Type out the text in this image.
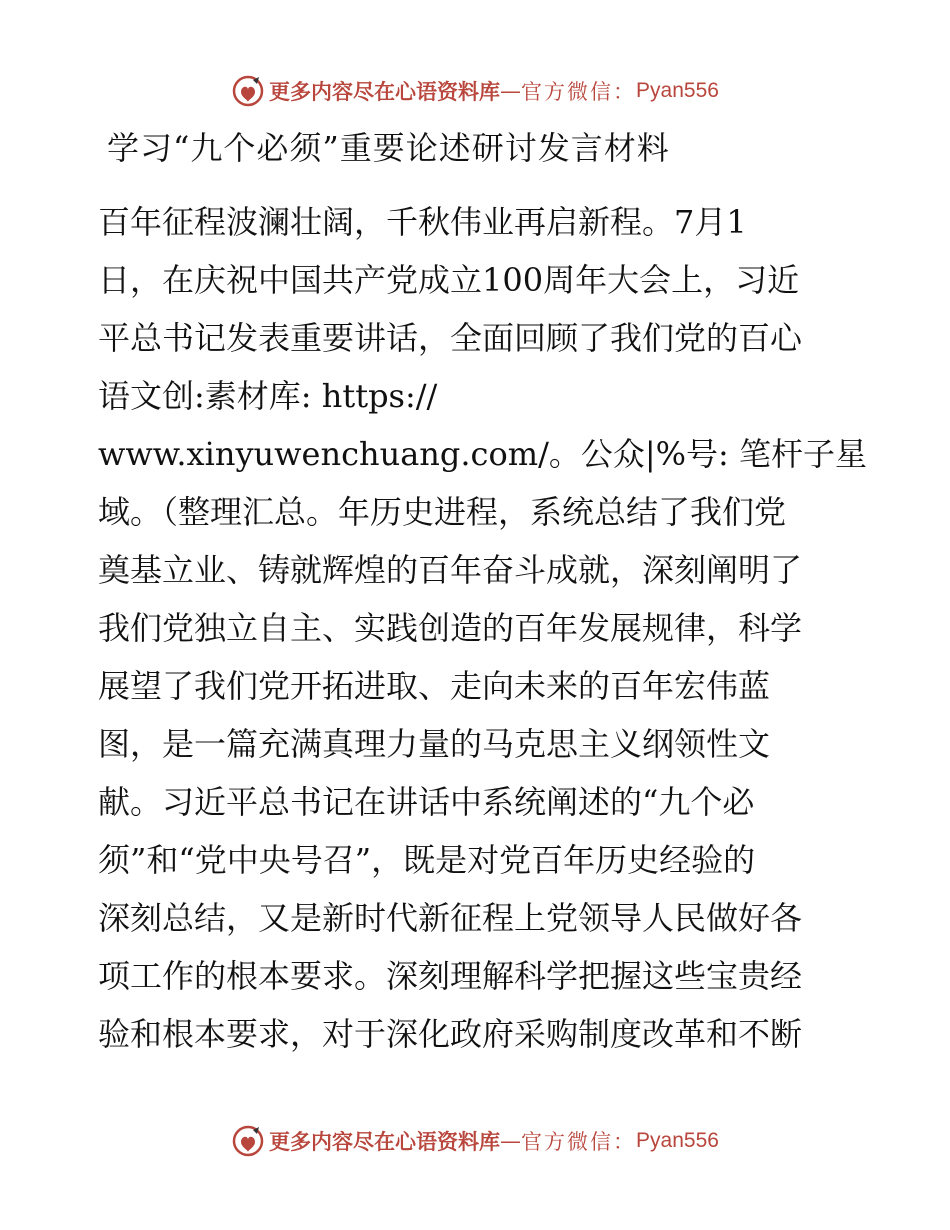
更多内容尽在心语资料库 — 官方微信： Pyan556
学习“九个必须”重要论述研讨发言材料
百年征程波澜壮阔，千秋伟业再启新程。7月1
日，在庆祝中国共产党成立100周年大会上，习近
平总书记发表重要讲话，全面回顾了我们党的百心
语文创:素材库: https://
www.xinyuwenchuang.com/。公众|%号: 笔杆子星
域。（整理汇总。年历史进程，系统总结了我们党
奠基立业、铸就辉煌的百年奋斗成就，深刻阐明了
我们党独立自主、实践创造的百年发展规律，科学
展望了我们党开拓进取、走向未来的百年宏伟蓝
图，是一篇充满真理力量的马克思主义纲领性文
献。习近平总书记在讲话中系统阐述的“九个必
须”和“党中央号召”，既是对党百年历史经验的
深刻总结，又是新时代新征程上党领导人民做好各
项工作的根本要求。深刻理解科学把握这些宝贵经
验和根本要求，对于深化政府采购制度改革和不断
更多内容尽在心语资料库 — 官方微信： Pyan556
